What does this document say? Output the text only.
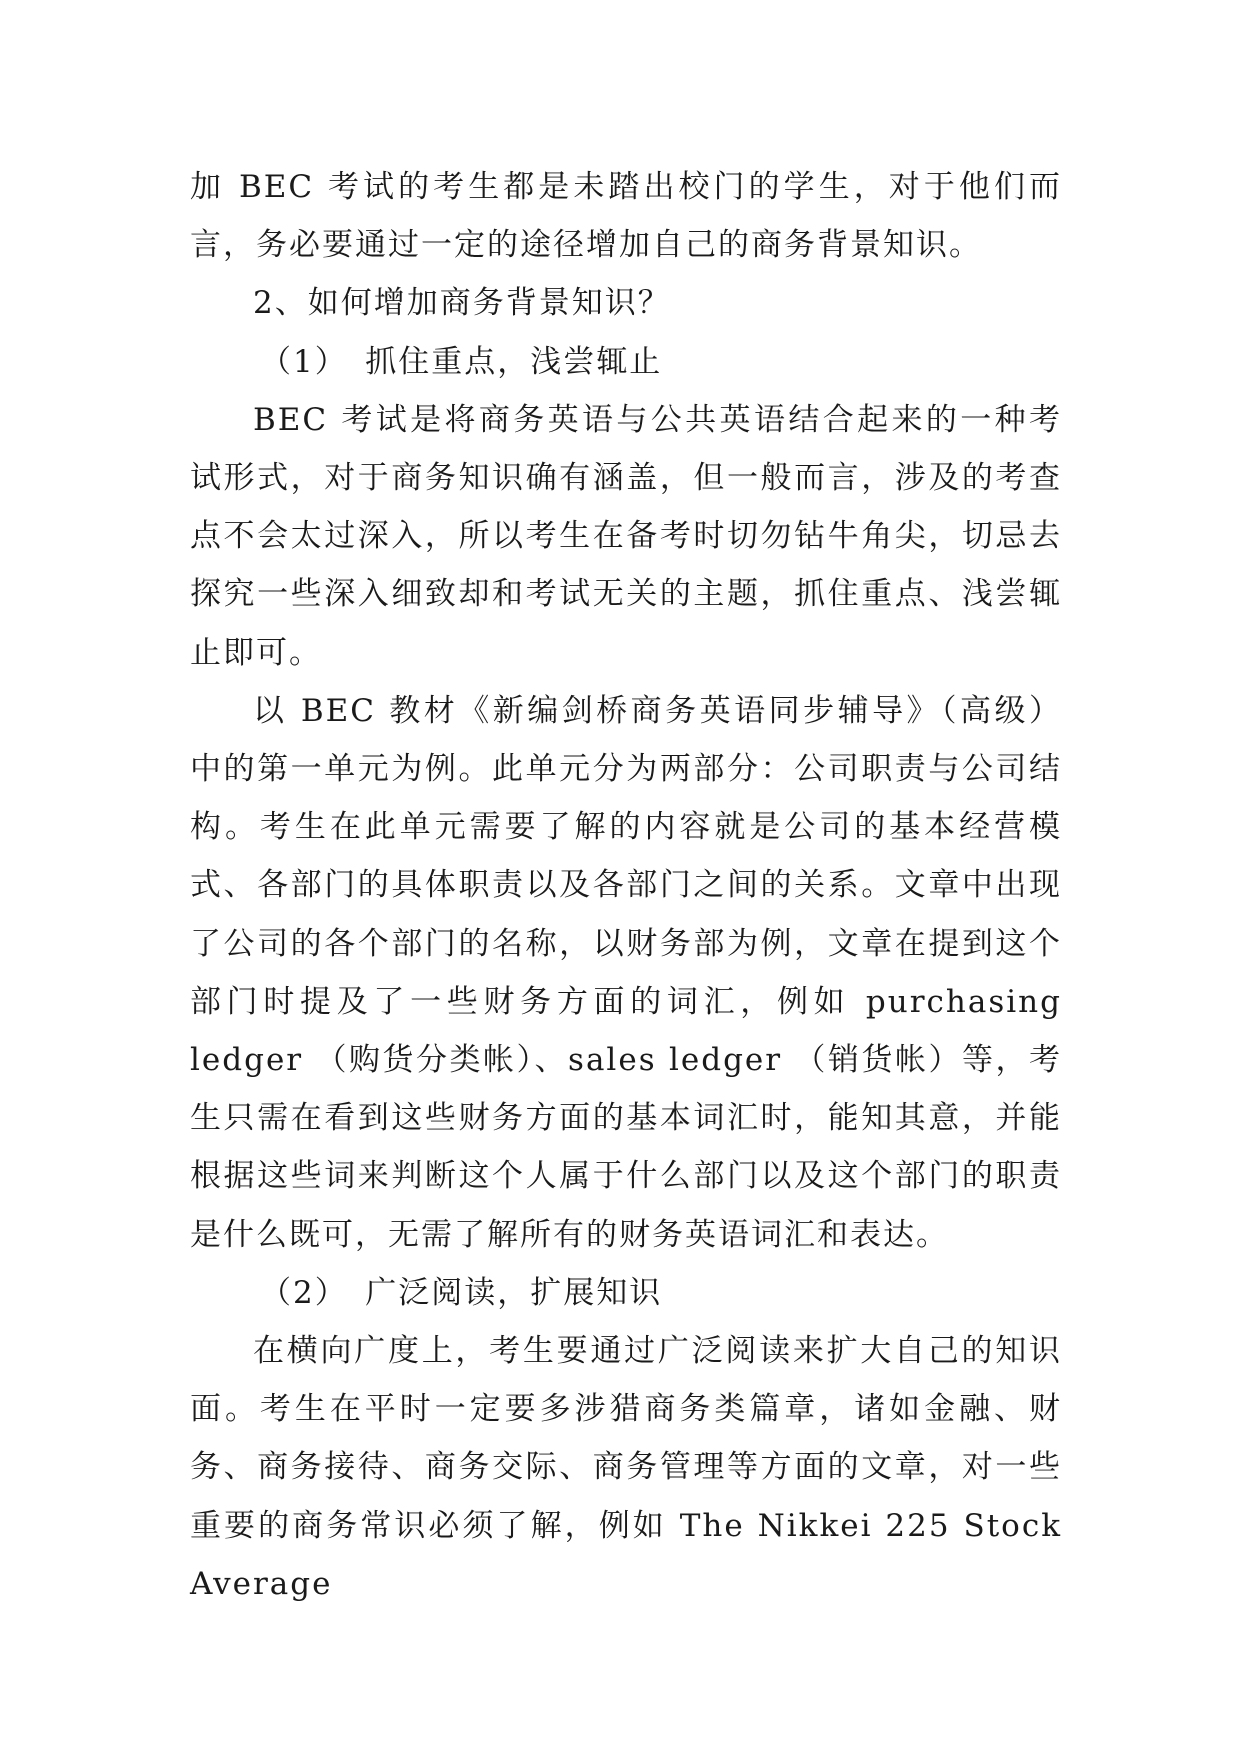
加 BEC 考试的考生都是未踏出校门的学生，对于他们而言，务必要通过一定的途径增加自己的商务背景知识。

2、如何增加商务背景知识？

（1）　抓住重点，浅尝辄止

BEC 考试是将商务英语与公共英语结合起来的一种考试形式，对于商务知识确有涵盖，但一般而言，涉及的考查点不会太过深入，所以考生在备考时切勿钻牛角尖，切忌去探究一些深入细致却和考试无关的主题，抓住重点、浅尝辄止即可。

以 BEC 教材《新编剑桥商务英语同步辅导》（高级）中的第一单元为例。此单元分为两部分：公司职责与公司结构。考生在此单元需要了解的内容就是公司的基本经营模式、各部门的具体职责以及各部门之间的关系。文章中出现了公司的各个部门的名称，以财务部为例，文章在提到这个部门时提及了一些财务方面的词汇，例如 purchasing ledger （购货分类帐）、sales ledger （销货帐）等，考生只需在看到这些财务方面的基本词汇时，能知其意，并能根据这些词来判断这个人属于什么部门以及这个部门的职责是什么既可，无需了解所有的财务英语词汇和表达。

（2）　广泛阅读，扩展知识

在横向广度上，考生要通过广泛阅读来扩大自己的知识面。考生在平时一定要多涉猎商务类篇章，诸如金融、财务、商务接待、商务交际、商务管理等方面的文章，对一些重要的商务常识必须了解，例如 The Nikkei 225 Stock Average
